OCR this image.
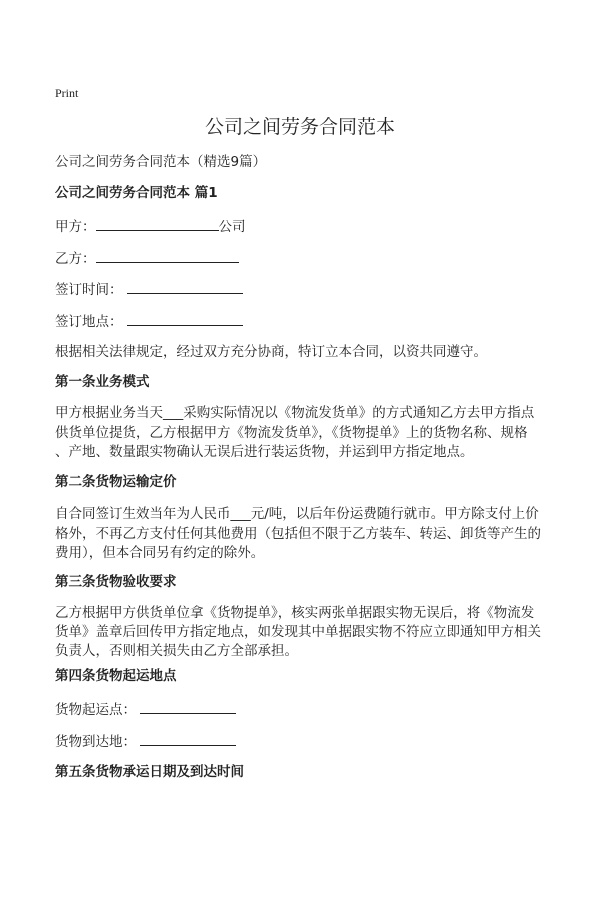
Print
公司之间劳务合同范本
公司之间劳务合同范本（精选9篇）
公司之间劳务合同范本 篇1
甲方：	公司
乙方：
签订时间：
签订地点：
根据相关法律规定，经过双方充分协商，特订立本合同，以资共同遵守。
第一条业务模式
甲方根据业务当天___采购实际情况以《物流发货单》的方式通知乙方去甲方指点
供货单位提货，乙方根据甲方《物流发货单》，《货物提单》上的货物名称、规格
、产地、数量跟实物确认无误后进行装运货物，并运到甲方指定地点。
第二条货物运输定价
自合同签订生效当年为人民币___元/吨，以后年份运费随行就市。甲方除支付上价
格外，不再乙方支付任何其他费用（包括但不限于乙方装车、转运、卸货等产生的
费用），但本合同另有约定的除外。
第三条货物验收要求
乙方根据甲方供货单位拿《货物提单》，核实两张单据跟实物无误后，将《物流发
货单》盖章后回传甲方指定地点，如发现其中单据跟实物不符应立即通知甲方相关
负责人，否则相关损失由乙方全部承担。
第四条货物起运地点
货物起运点：
货物到达地：
第五条货物承运日期及到达时间
